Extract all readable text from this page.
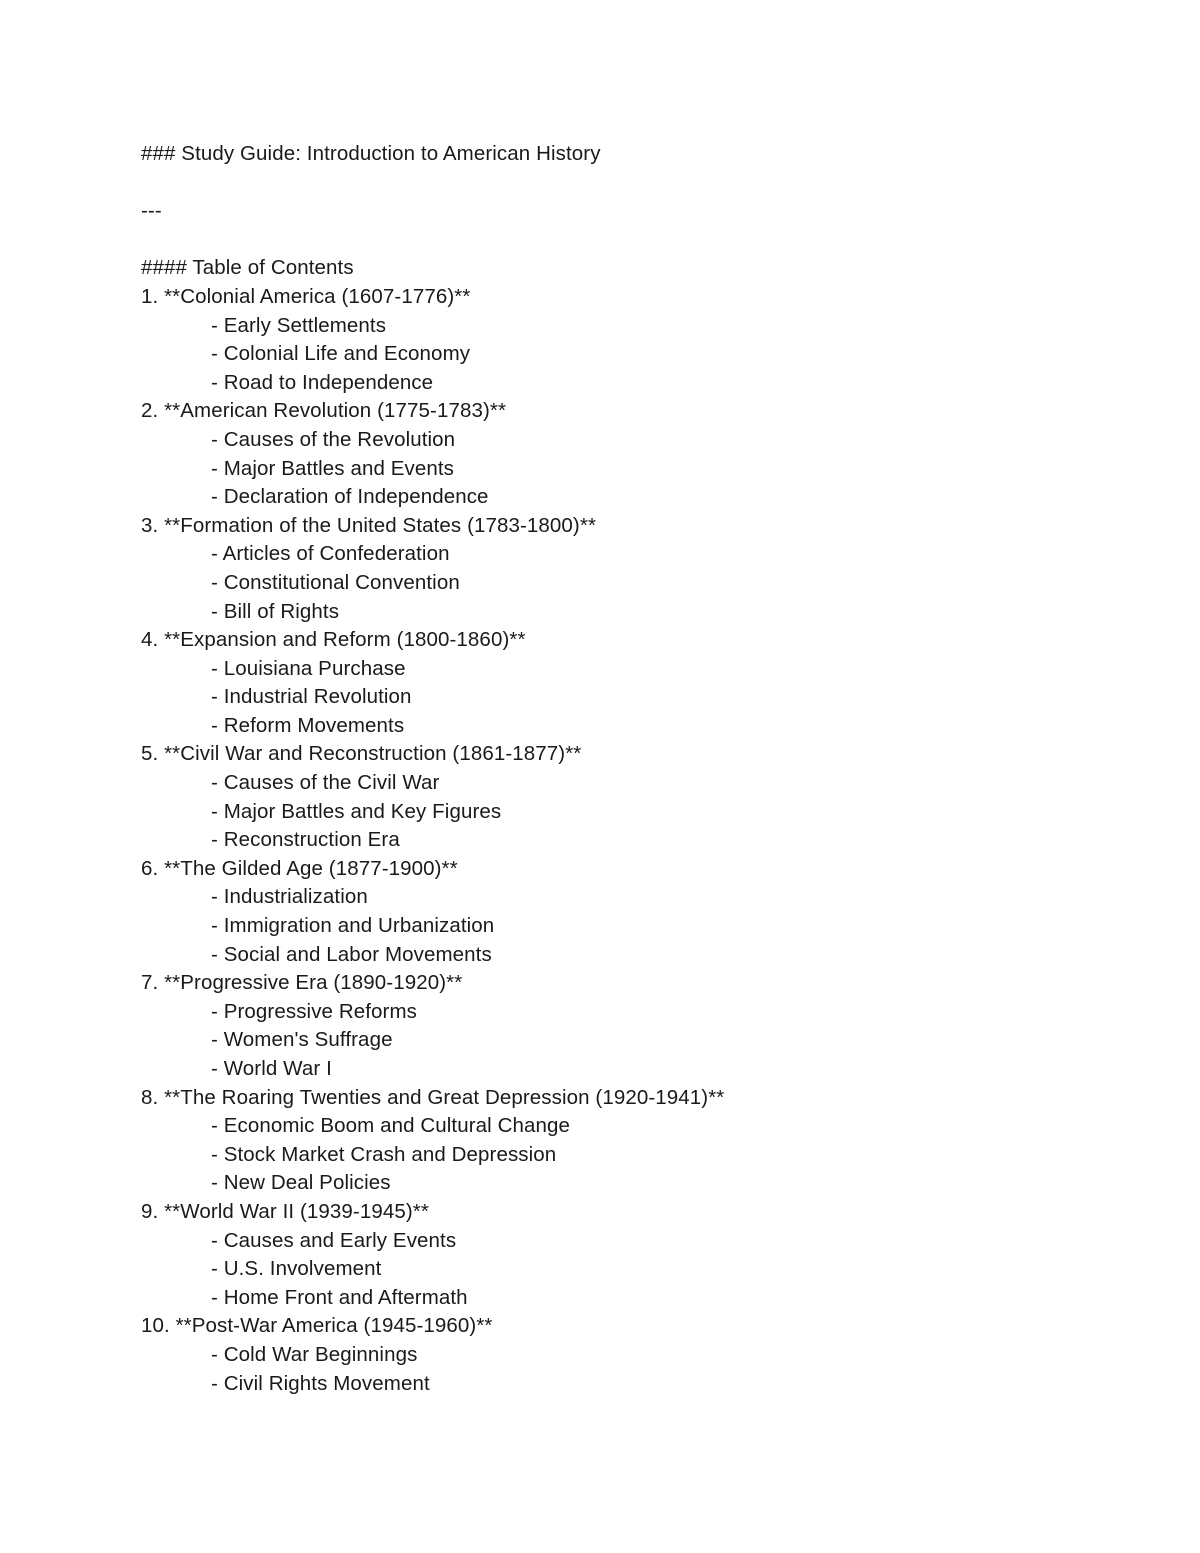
### Study Guide: Introduction to American History
---
#### Table of Contents
1. **Colonial America (1607-1776)**
- Early Settlements
- Colonial Life and Economy
- Road to Independence
2. **American Revolution (1775-1783)**
- Causes of the Revolution
- Major Battles and Events
- Declaration of Independence
3. **Formation of the United States (1783-1800)**
- Articles of Confederation
- Constitutional Convention
- Bill of Rights
4. **Expansion and Reform (1800-1860)**
- Louisiana Purchase
- Industrial Revolution
- Reform Movements
5. **Civil War and Reconstruction (1861-1877)**
- Causes of the Civil War
- Major Battles and Key Figures
- Reconstruction Era
6. **The Gilded Age (1877-1900)**
- Industrialization
- Immigration and Urbanization
- Social and Labor Movements
7. **Progressive Era (1890-1920)**
- Progressive Reforms
- Women's Suffrage
- World War I
8. **The Roaring Twenties and Great Depression (1920-1941)**
- Economic Boom and Cultural Change
- Stock Market Crash and Depression
- New Deal Policies
9. **World War II (1939-1945)**
- Causes and Early Events
- U.S. Involvement
- Home Front and Aftermath
10. **Post-War America (1945-1960)**
- Cold War Beginnings
- Civil Rights Movement
